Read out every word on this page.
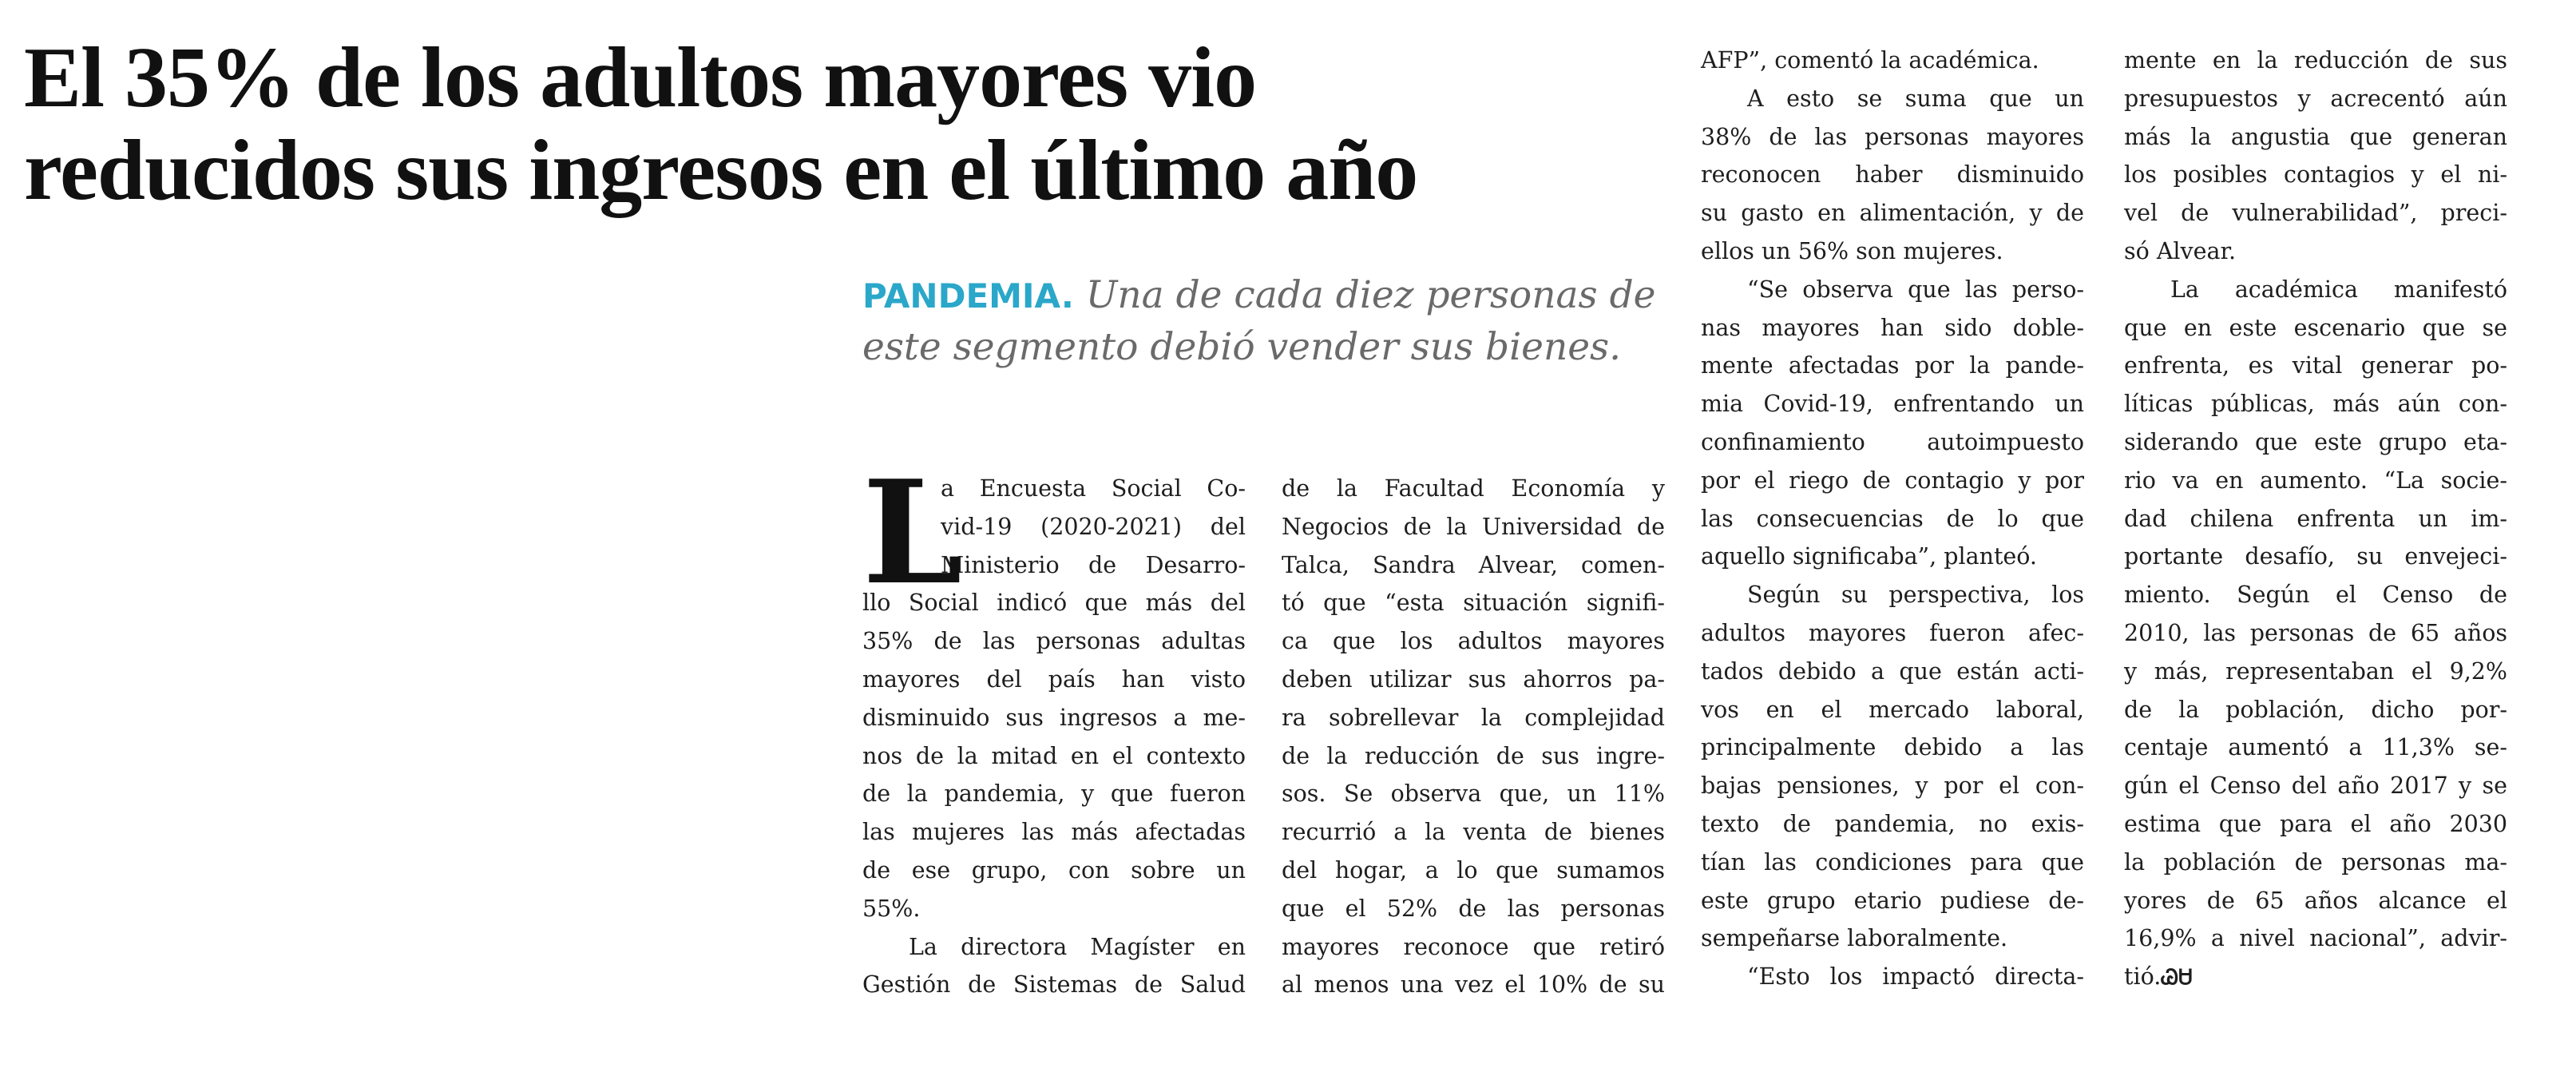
El 35% de los adultos mayores vio
reducidos sus ingresos en el último año
PANDEMIA. Una de cada diez personas de
este segmento debió vender sus bienes.
L
a Encuesta Social Co-
vid-19 (2020-2021) del
Ministerio de Desarro-
llo Social indicó que más del
35% de las personas adultas
mayores del país han visto
disminuido sus ingresos a me-
nos de la mitad en el contexto
de la pandemia, y que fueron
las mujeres las más afectadas
de ese grupo, con sobre un
55%.
La directora Magíster en
Gestión de Sistemas de Salud
de la Facultad Economía y
Negocios de la Universidad de
Talca, Sandra Alvear, comen-
tó que “esta situación signifi-
ca que los adultos mayores
deben utilizar sus ahorros pa-
ra sobrellevar la complejidad
de la reducción de sus ingre-
sos. Se observa que, un 11%
recurrió a la venta de bienes
del hogar, a lo que sumamos
que el 52% de las personas
mayores reconoce que retiró
al menos una vez el 10% de su
AFP”, comentó la académica.
A esto se suma que un
38% de las personas mayores
reconocen haber disminuido
su gasto en alimentación, y de
ellos un 56% son mujeres.
“Se observa que las perso-
nas mayores han sido doble-
mente afectadas por la pande-
mia Covid-19, enfrentando un
confinamiento autoimpuesto
por el riego de contagio y por
las consecuencias de lo que
aquello significaba”, planteó.
Según su perspectiva, los
adultos mayores fueron afec-
tados debido a que están acti-
vos en el mercado laboral,
principalmente debido a las
bajas pensiones, y por el con-
texto de pandemia, no exis-
tían las condiciones para que
este grupo etario pudiese de-
sempeñarse laboralmente.
“Esto los impactó directa-
mente en la reducción de sus
presupuestos y acrecentó aún
más la angustia que generan
los posibles contagios y el ni-
vel de vulnerabilidad”, preci-
só Alvear.
La académica manifestó
que en este escenario que se
enfrenta, es vital generar po-
líticas públicas, más aún con-
siderando que este grupo eta-
rio va en aumento. “La socie-
dad chilena enfrenta un im-
portante desafío, su envejeci-
miento. Según el Censo de
2010, las personas de 65 años
y más, representaban el 9,2%
de la población, dicho por-
centaje aumentó a 11,3% se-
gún el Censo del año 2017 y se
estima que para el año 2030
la población de personas ma-
yores de 65 años alcance el
16,9% a nivel nacional”, advir-
tió.ᏊᏌ
